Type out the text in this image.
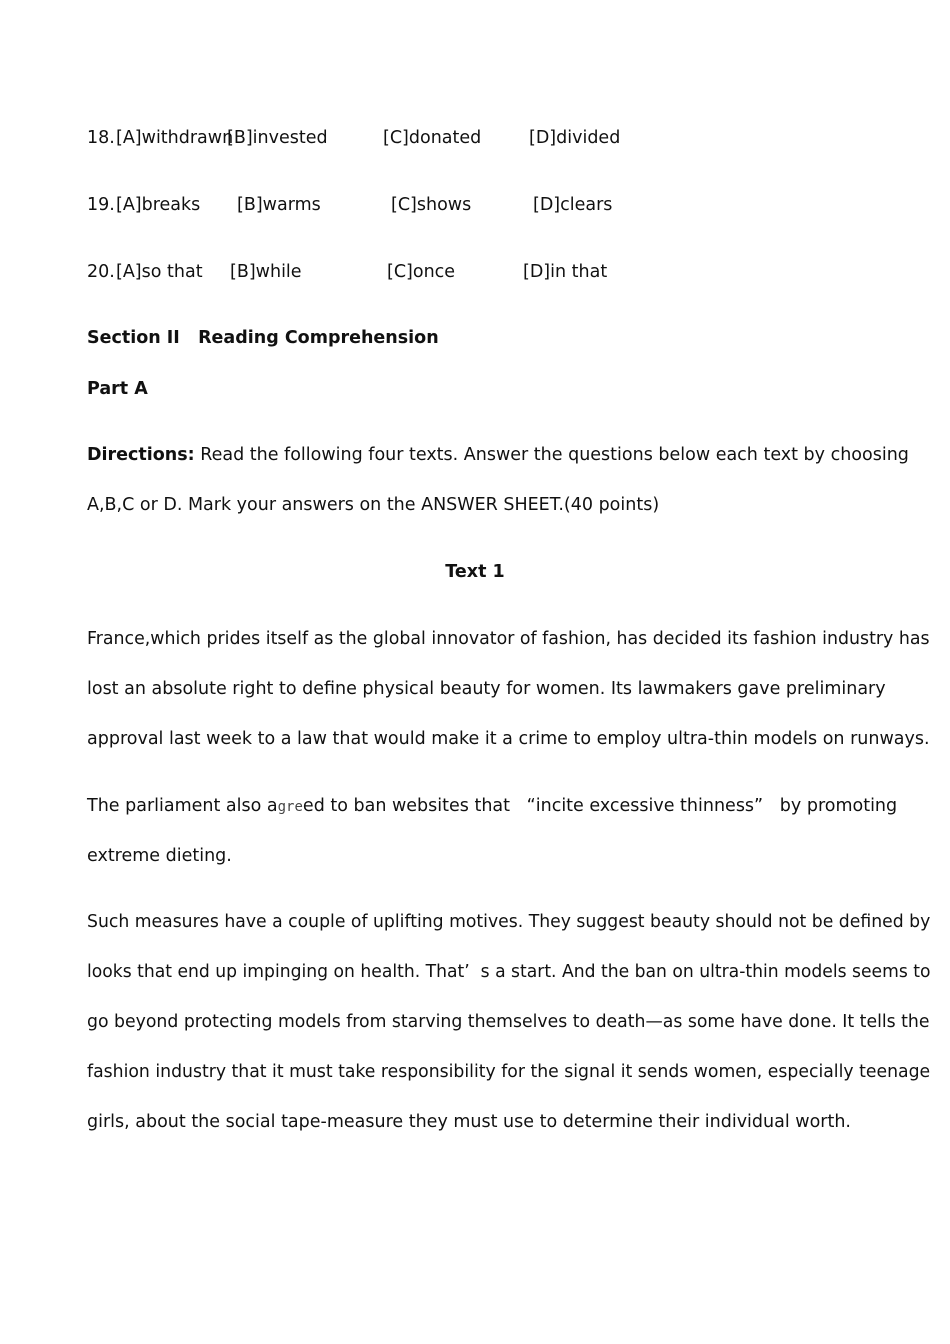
18. [A]withdrawn
[B]invested	[C]donated	[D]divided
19. [A]breaks [B]warms	[C]shows	[D]clears
20. [A]so that [B]while	[C]once	[D]in that
Section II   Reading Comprehension
Part A
Directions: Read the following four texts. Answer the questions below each text by choosing
A,B,C or D. Mark your answers on the ANSWER SHEET.(40 points)
Text 1
France,which prides itself as the global innovator of fashion, has decided its fashion industry has
lost an absolute right to define physical beauty for women. Its lawmakers gave preliminary
approval last week to a law that would make it a crime to employ ultra-thin models on runways.
The parliament also agreed to ban websites that   “incite excessive thinness”   by promoting
extreme dieting.
Such measures have a couple of uplifting motives. They suggest beauty should not be defined by
looks that end up impinging on health. That’  s a start. And the ban on ultra-thin models seems to
go beyond protecting models from starving themselves to death—as some have done. It tells the
fashion industry that it must take responsibility for the signal it sends women, especially teenage
girls, about the social tape-measure they must use to determine their individual worth.
